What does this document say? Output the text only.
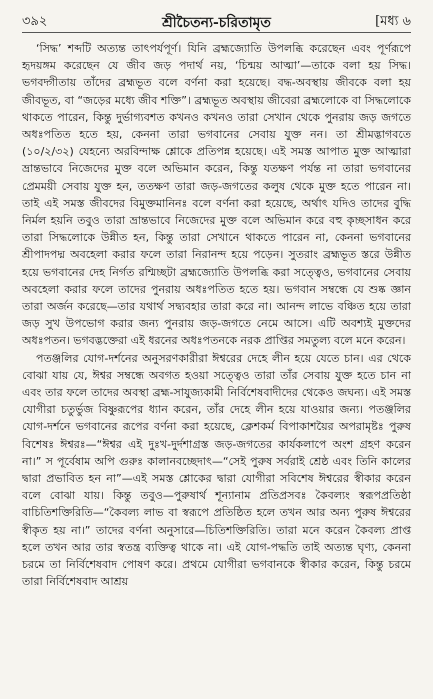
৩৯২	শ্রীচৈতন্য-চরিতামৃত	[মধ্য ৬

‘সিদ্ধ’ শব্দটি অত্যন্ত তাৎপর্যপূর্ণ। যিনি ব্রহ্মজ্যোতি উপলব্ধি করেছেন এবং পূর্ণরূপে হৃদয়ঙ্গম করেছেন যে জীব জড় পদার্থ নয়, ‘চিন্ময় আত্মা’—তাকে বলা হয় সিদ্ধ। ভগবদ্গীতায় তাঁদের ব্রহ্মভূত বলে বর্ণনা করা হয়েছে। বদ্ধ-অবস্থায় জীবকে বলা হয় জীবভূত, বা “জড়ের মধ্যে জীব শক্তি”। ব্রহ্মভূত অবস্থায় জীবেরা ব্রহ্মলোকে বা সিদ্ধলোকে থাকতে পারেন, কিন্তু দুর্ভাগ্যবশত কখনও কখনও তারা সেখান থেকে পুনরায় জড় জগতে অধঃপতিত হতে হয়, কেননা তারা ভগবানের সেবায় যুক্ত নন। তা শ্রীমদ্ভাগবতে (১০/২/৩২) যেহন্যে অরবিন্দাক্ষ শ্লোকে প্রতিপন্ন হয়েছে। এই সমস্ত আপাত মুক্ত আত্মারা ভ্রান্তভাবে নিজেদের মুক্ত বলে অভিমান করেন, কিন্তু যতক্ষণ পর্যন্ত না তারা ভগবানের প্রেমময়ী সেবায় যুক্ত হন, ততক্ষণ তারা জড়-জগতের কলুষ থেকে মুক্ত হতে পারেন না। তাই এই সমস্ত জীবদের বিমুক্তমানিনঃ বলে বর্ণনা করা হয়েছে, অর্থাৎ যদিও তাদের বুদ্ধি নির্মল হয়নি তবুও তারা ভ্রান্তভাবে নিজেদের মুক্ত বলে অভিমান করে বহু কৃচ্ছসাধন করে তারা সিদ্ধলোকে উন্নীত হন, কিন্তু তারা সেখানে থাকতে পারেন না, কেননা ভগবানের শ্রীপাদপদ্ম অবহেলা করার ফলে তারা নিরানন্দ হয়ে পড়েন। সুতরাং ব্রহ্মভূত স্তরে উন্নীত হয়ে ভগবানের দেহ নির্গত রশ্মিচ্ছটা ব্রহ্মজ্যোতি উপলব্ধি করা সত্ত্বেও, ভগবানের সেবায় অবহেলা করার ফলে তাদের পুনরায় অধঃপতিত হতে হয়। ভগবান সম্বন্ধে যে শুষ্ক জ্ঞান তারা অর্জন করেছে—তার যথার্থ সদ্ব্যবহার তারা করে না। আনন্দ লাভে বঞ্চিত হয়ে তারা জড় সুখ উপভোগ করার জন্য পুনরায় জড়-জগতে নেমে আসে। এটি অবশ্যই মুক্তদের অধঃপতন। ভগবদ্ভক্তেরা এই ধরনের অধঃপতনকে নরক প্রাপ্তির সমতুল্য বলে মনে করেন।

পতঞ্জলির যোগ-দর্শনের অনুসরণকারীরা ঈশ্বরের দেহে লীন হয়ে যেতে চান। এর থেকে বোঝা যায় যে, ঈশ্বর সম্বন্ধে অবগত হওয়া সত্ত্বেও তারা তাঁর সেবায় যুক্ত হতে চান না এবং তার ফলে তাদের অবস্থা ব্রহ্ম-সাযুজ্যকামী নির্বিশেষবাদীদের থেকেও জঘন্য। এই সমস্ত যোগীরা চতুর্ভুজ বিষ্ণুরূপের ধ্যান করেন, তাঁর দেহে লীন হয়ে যাওয়ার জন্য। পতঞ্জলির যোগ-দর্শনে ভগবানের রূপের বর্ণনা করা হয়েছে, ক্লেশকর্ম বিপাকাশয়ৈর অপরামৃষ্টঃ পুরুষ বিশেষঃ ঈশ্বরঃ—“ঈশ্বর এই দুঃখ-দুর্দশাগ্রস্ত জড়-জগতের কার্যকলাপে অংশ গ্রহণ করেন না।” স পূর্বেষাম অপি গুরুঃ কালানবচ্ছেদাৎ—“সেই পুরুষ সর্বরাই শ্রেষ্ঠ এবং তিনি কালের দ্বারা প্রভাবিত হন না”—এই সমস্ত শ্লোকের দ্বারা যোগীরা সবিশেষ ঈশ্বরের স্বীকার করেন বলে বোঝা যায়। কিন্তু তবুও—পুরুষার্থ শূন্যানাম প্রতিপ্রসবঃ কৈবল্যং স্বরূপপ্রতিষ্ঠা বাচিতিশক্তিরিতি—“কৈবল্য লাভ বা স্বরূপে প্রতিষ্ঠিত হলে তখন আর অন্য পুরুষ ঈশ্বরের স্বীকৃত হয় না।” তাদের বর্ণনা অনুসারে—চিতিশক্তিরিতি। তারা মনে করেন কৈবল্য প্রাপ্ত হলে তখন আর তার স্বতন্ত্র ব্যক্তিত্ব থাকে না। এই যোগ-পদ্ধতি তাই অত্যন্ত ঘৃণ্য, কেননা চরমে তা নির্বিশেষবাদ পোষণ করে। প্রথমে যোগীরা ভগবানকে স্বীকার করেন, কিন্তু চরমে তারা নির্বিশেষবাদ আশ্রয়
